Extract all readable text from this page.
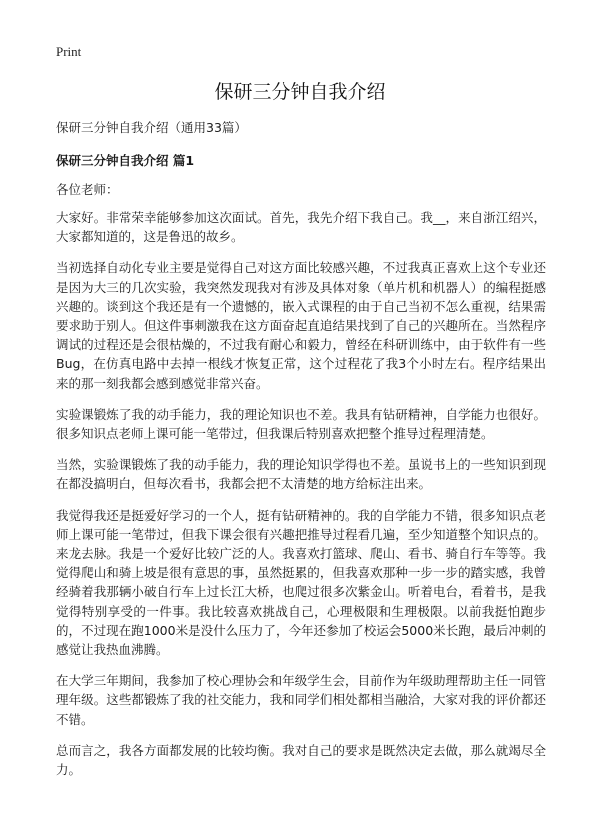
Print
保研三分钟自我介绍
保研三分钟自我介绍（通用33篇）
保研三分钟自我介绍 篇1
各位老师：

大家好。非常荣幸能够参加这次面试。首先，我先介绍下我自己。我__，来自浙江绍兴，大家都知道的，这是鲁迅的故乡。

当初选择自动化专业主要是觉得自己对这方面比较感兴趣，不过我真正喜欢上这个专业还是因为大三的几次实验，我突然发现我对有涉及具体对象（单片机和机器人）的编程挺感兴趣的。谈到这个我还是有一个遗憾的，嵌入式课程的由于自己当初不怎么重视，结果需要求助于别人。但这件事刺激我在这方面奋起直追结果找到了自己的兴趣所在。当然程序调试的过程还是会很枯燥的，不过我有耐心和毅力，曾经在科研训练中，由于软件有一些Bug，在仿真电路中去掉一根线才恢复正常，这个过程花了我3个小时左右。程序结果出来的那一刻我都会感到感觉非常兴奋。

实验课锻炼了我的动手能力，我的理论知识也不差。我具有钻研精神，自学能力也很好。很多知识点老师上课可能一笔带过，但我课后特别喜欢把整个推导过程理清楚。

当然，实验课锻炼了我的动手能力，我的理论知识学得也不差。虽说书上的一些知识到现在都没搞明白，但每次看书，我都会把不太清楚的地方给标注出来。

我觉得我还是挺爱好学习的一个人，挺有钻研精神的。我的自学能力不错，很多知识点老师上课可能一笔带过，但我下课会很有兴趣把推导过程看几遍，至少知道整个知识点的。来龙去脉。我是一个爱好比较广泛的人。我喜欢打篮球、爬山、看书、骑自行车等等。我觉得爬山和骑上坡是很有意思的事，虽然挺累的，但我喜欢那种一步一步的踏实感，我曾经骑着我那辆小破自行车上过长江大桥，也爬过很多次紫金山。听着电台，看着书，是我觉得特别享受的一件事。我比较喜欢挑战自己，心理极限和生理极限。以前我挺怕跑步的，不过现在跑1000米是没什么压力了，今年还参加了校运会5000米长跑，最后冲刺的感觉让我热血沸腾。

在大学三年期间，我参加了校心理协会和年级学生会，目前作为年级助理帮助主任一同管理年级。这些都锻炼了我的社交能力，我和同学们相处都相当融洽，大家对我的评价都还不错。

总而言之，我各方面都发展的比较均衡。我对自己的要求是既然决定去做，那么就竭尽全力。
